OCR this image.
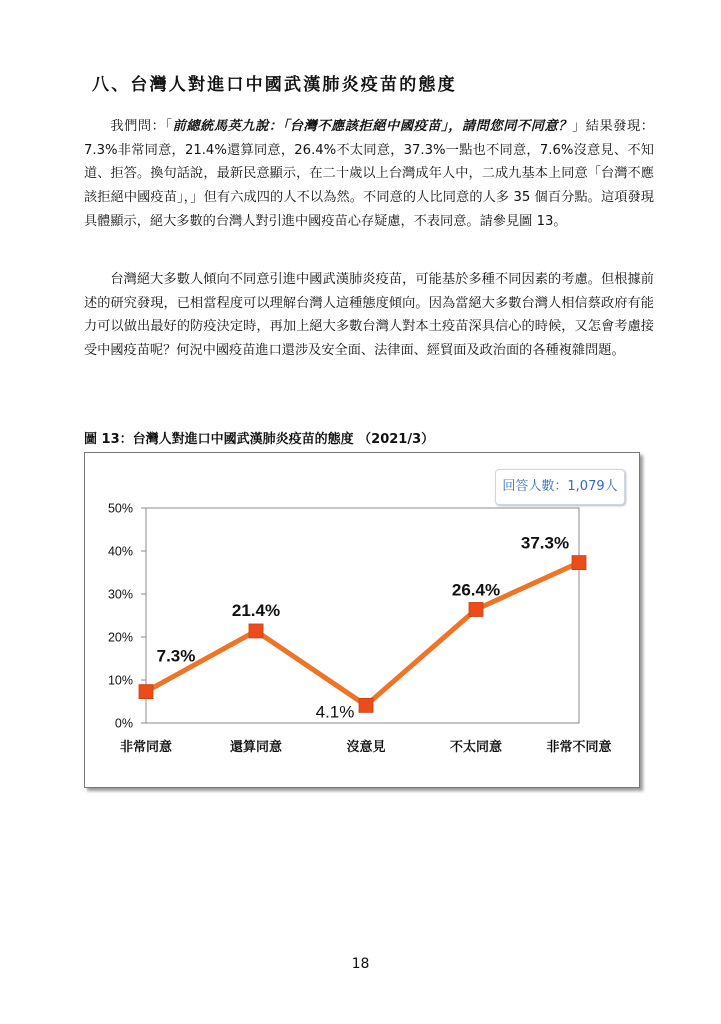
八、台灣人對進口中國武漢肺炎疫苗的態度

我們問：「前總統馬英九說：「台灣不應該拒絕中國疫苗」，請問您同不同意？」結果發現：7.3%非常同意，21.4%還算同意，26.4%不太同意，37.3%一點也不同意，7.6%沒意見、不知道、拒答。換句話說，最新民意顯示，在二十歲以上台灣成年人中，二成九基本上同意「台灣不應該拒絕中國疫苗」，」但有六成四的人不以為然。不同意的人比同意的人多 35 個百分點。這項發現具體顯示，絕大多數的台灣人對引進中國疫苗心存疑慮，不表同意。請參見圖 13。

台灣絕大多數人傾向不同意引進中國武漢肺炎疫苗，可能基於多種不同因素的考慮。但根據前述的研究發現，已相當程度可以理解台灣人這種態度傾向。因為當絕大多數台灣人相信蔡政府有能力可以做出最好的防疫決定時，再加上絕大多數台灣人對本土疫苗深具信心的時候，又怎會考慮接受中國疫苗呢？何況中國疫苗進口還涉及安全面、法律面、經貿面及政治面的各種複雜問題。

圖 13：台灣人對進口中國武漢肺炎疫苗的態度 （2021/3）
0%
10%
20%
30%
40%
50%
非常同意	還算同意	沒意見	不太同意	非常不同意
7.3%
21.4%
4.1%
26.4%
37.3%
回答人數：1,079人
18
